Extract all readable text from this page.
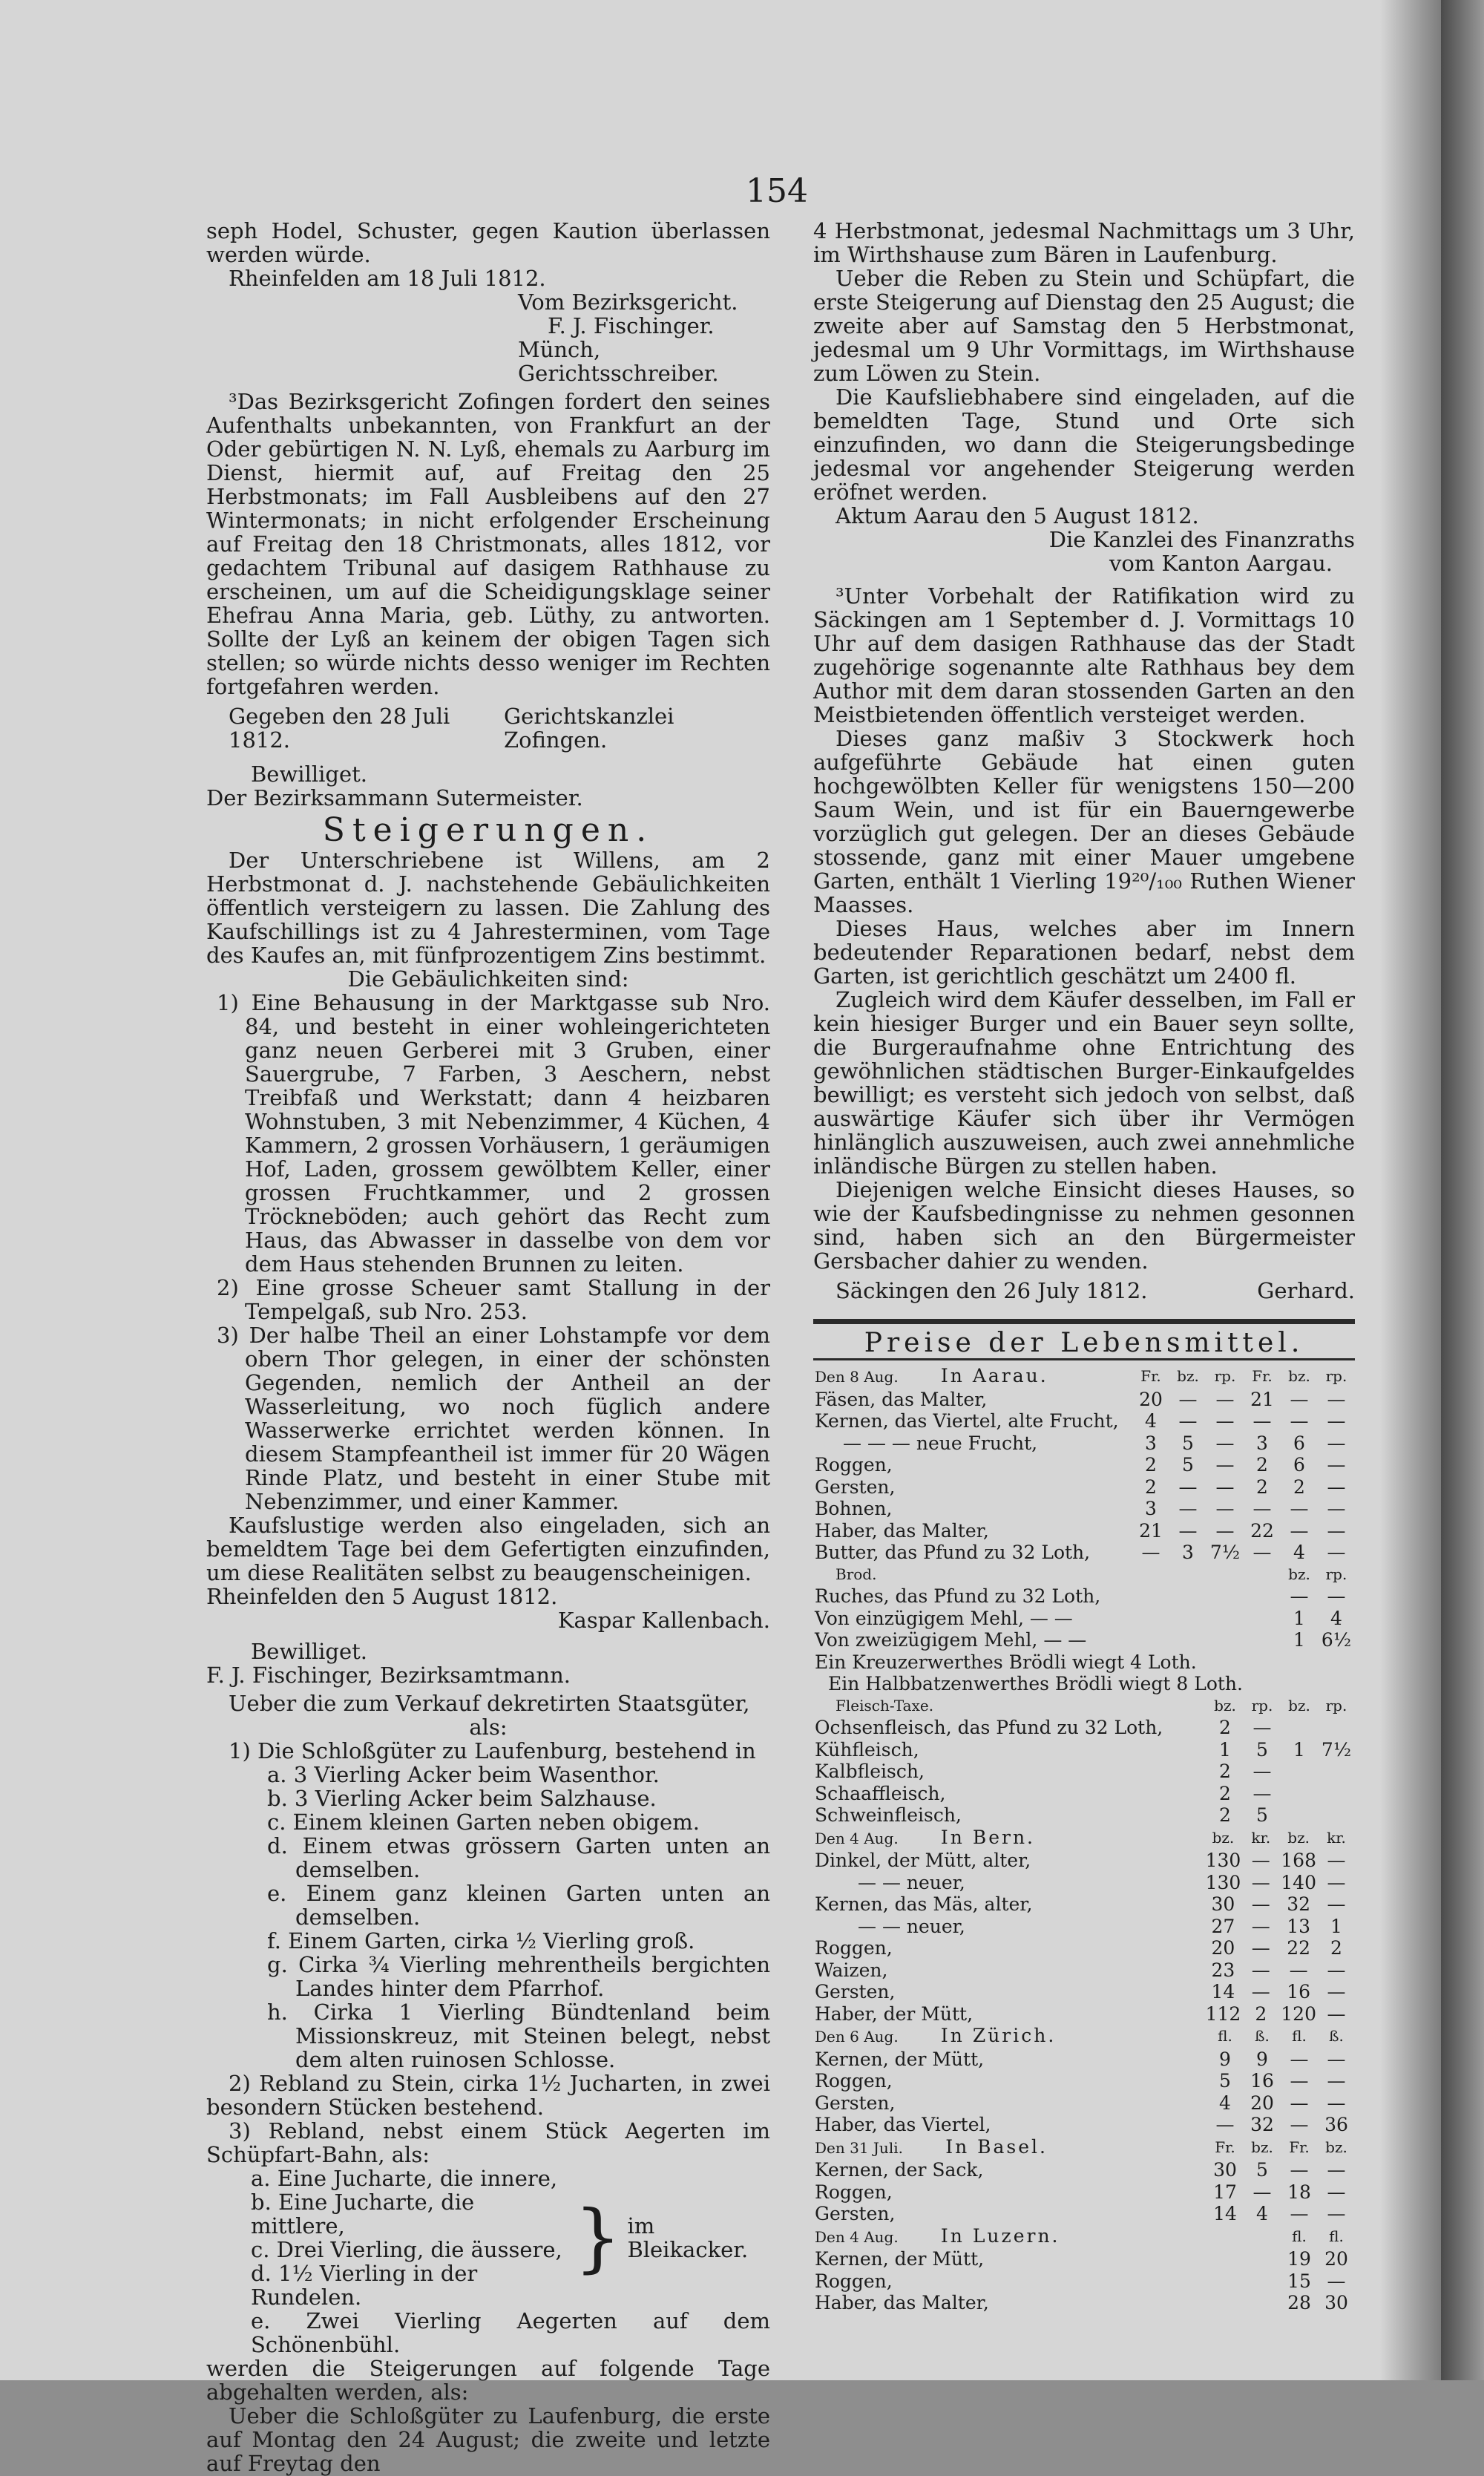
154

seph Hodel, Schuster, gegen Kaution überlassen werden würde.

Rheinfelden am 18 Juli 1812.

Vom Bezirksgericht.

F. J. Fischinger.

Münch, Gerichtsschreiber.

³Das Bezirksgericht Zofingen fordert den seines Aufenthalts unbekannten, von Frankfurt an der Oder gebürtigen N. N. Lyß, ehemals zu Aarburg im Dienst, hiermit auf, auf Freitag den 25 Herbstmonats; im Fall Ausbleibens auf den 27 Wintermonats; in nicht erfolgender Erscheinung auf Freitag den 18 Christmonats, alles 1812, vor gedachtem Tribunal auf dasigem Rathhause zu erscheinen, um auf die Scheidigungsklage seiner Ehefrau Anna Maria, geb. Lüthy, zu antworten. Sollte der Lyß an keinem der obigen Tagen sich stellen; so würde nichts desso weniger im Rechten fortgefahren werden.

Gegeben den 28 Juli 1812.
Gerichtskanzlei Zofingen.

Bewilliget.

Der Bezirksammann Sutermeister.

Steigerungen.

Der Unterschriebene ist Willens, am 2 Herbstmonat d. J. nachstehende Gebäulichkeiten öffentlich versteigern zu lassen. Die Zahlung des Kaufschillings ist zu 4 Jahresterminen, vom Tage des Kaufes an, mit fünfprozentigem Zins bestimmt.

Die Gebäulichkeiten sind:

1) Eine Behausung in der Marktgasse sub Nro. 84, und besteht in einer wohleingerichteten ganz neuen Gerberei mit 3 Gruben, einer Sauergrube, 7 Farben, 3 Aeschern, nebst Treibfaß und Werkstatt; dann 4 heizbaren Wohnstuben, 3 mit Nebenzimmer, 4 Küchen, 4 Kammern, 2 grossen Vorhäusern, 1 geräumigen Hof, Laden, grossem gewölbtem Keller, einer grossen Fruchtkammer, und 2 grossen Tröckneböden; auch gehört das Recht zum Haus, das Abwasser in dasselbe von dem vor dem Haus stehenden Brunnen zu leiten.

2) Eine grosse Scheuer samt Stallung in der Tempelgaß, sub Nro. 253.

3) Der halbe Theil an einer Lohstampfe vor dem obern Thor gelegen, in einer der schönsten Gegenden, nemlich der Antheil an der Wasserleitung, wo noch füglich andere Wasserwerke errichtet werden können. In diesem Stampfeantheil ist immer für 20 Wägen Rinde Platz, und besteht in einer Stube mit Nebenzimmer, und einer Kammer.

Kaufslustige werden also eingeladen, sich an bemeldtem Tage bei dem Gefertigten einzufinden, um diese Realitäten selbst zu beaugenscheinigen.

Rheinfelden den 5 August 1812.

Kaspar Kallenbach.

Bewilliget.

F. J. Fischinger, Bezirksamtmann.

Ueber die zum Verkauf dekretirten Staatsgüter,

als:

1) Die Schloßgüter zu Laufenburg, bestehend in

a. 3 Vierling Acker beim Wasenthor.

b. 3 Vierling Acker beim Salzhause.

c. Einem kleinen Garten neben obigem.

d. Einem etwas grössern Garten unten an demselben.

e. Einem ganz kleinen Garten unten an demselben.

f. Einem Garten, cirka ½ Vierling groß.

g. Cirka ¾ Vierling mehrentheils bergichten Landes hinter dem Pfarrhof.

h. Cirka 1 Vierling Bündtenland beim Missionskreuz, mit Steinen belegt, nebst dem alten ruinosen Schlosse.

2) Rebland zu Stein, cirka 1½ Jucharten, in zwei besondern Stücken bestehend.

3) Rebland, nebst einem Stück Aegerten im Schüpfart-Bahn, als:

a. Eine Jucharte, die innere,
b. Eine Jucharte, die mittlere,
c. Drei Vierling, die äussere,
d. 1½ Vierling in der Rundelen.
} im Bleikacker.

e. Zwei Vierling Aegerten auf dem Schönenbühl.

werden die Steigerungen auf folgende Tage abgehalten werden, als:

Ueber die Schloßgüter zu Laufenburg, die erste auf Montag den 24 August; die zweite und letzte auf Freytag den

4 Herbstmonat, jedesmal Nachmittags um 3 Uhr, im Wirthshause zum Bären in Laufenburg.

Ueber die Reben zu Stein und Schüpfart, die erste Steigerung auf Dienstag den 25 August; die zweite aber auf Samstag den 5 Herbstmonat, jedesmal um 9 Uhr Vormittags, im Wirthshause zum Löwen zu Stein.

Die Kaufsliebhabere sind eingeladen, auf die bemeldten Tage, Stund und Orte sich einzufinden, wo dann die Steigerungsbedinge jedesmal vor angehender Steigerung werden eröfnet werden.

Aktum Aarau den 5 August 1812.

Die Kanzlei des Finanzraths

vom Kanton Aargau.

³Unter Vorbehalt der Ratifikation wird zu Säckingen am 1 September d. J. Vormittags 10 Uhr auf dem dasigen Rathhause das der Stadt zugehörige sogenannte alte Rathhaus bey dem Author mit dem daran stossenden Garten an den Meistbietenden öffentlich versteiget werden.

Dieses ganz maßiv 3 Stockwerk hoch aufgeführte Gebäude hat einen guten hochgewölbten Keller für wenigstens 150—200 Saum Wein, und ist für ein Bauerngewerbe vorzüglich gut gelegen. Der an dieses Gebäude stossende, ganz mit einer Mauer umgebene Garten, enthält 1 Vierling 19²⁰/₁₀₀ Ruthen Wiener Maasses.

Dieses Haus, welches aber im Innern bedeutender Reparationen bedarf, nebst dem Garten, ist gerichtlich geschätzt um 2400 fl.

Zugleich wird dem Käufer desselben, im Fall er kein hiesiger Burger und ein Bauer seyn sollte, die Burgeraufnahme ohne Entrichtung des gewöhnlichen städtischen Burger-Einkaufgeldes bewilligt; es versteht sich jedoch von selbst, daß auswärtige Käufer sich über ihr Vermögen hinlänglich auszuweisen, auch zwei annehmliche inländische Bürgen zu stellen haben.

Diejenigen welche Einsicht dieses Hauses, so wie der Kaufsbedingnisse zu nehmen gesonnen sind, haben sich an den Bürgermeister Gersbacher dahier zu wenden.

Säckingen den 26 July 1812.	Gerhard.
Preise der Lebensmittel.
Den 8 Aug. In Aarau.	Fr.	bz.	rp.	Fr.	bz.	rp.
Fäsen, das Malter,	20	—	—	21	—	—
Kernen, das Viertel, alte Frucht,	4	—	—	—	—	—
— — — neue Frucht,	3	5	—	3	6	—
Roggen,	2	5	—	2	6	—
Gersten,	2	—	—	2	2	—
Bohnen,	3	—	—	—	—	—
Haber, das Malter,	21	—	—	22	—	—
Butter, das Pfund zu 32 Loth,	—	3	7½	—	4	—
Brod.	bz.	rp.
Ruches, das Pfund zu 32 Loth,	—	—
Von einzügigem Mehl, — —	1	4
Von zweizügigem Mehl, — —	1	6½
Ein Kreuzerwerthes Brödli wiegt 4 Loth.		
Ein Halbbatzenwerthes Brödli wiegt 8 Loth.		
Fleisch-Taxe.	bz.	rp.	bz.	rp.
Ochsenfleisch, das Pfund zu 32 Loth,	2	—		
Kühfleisch,	1	5	1	7½
Kalbfleisch,	2	—		
Schaaffleisch,	2	—		
Schweinfleisch,	2	5		
Den 4 Aug. In Bern.	bz.	kr.	bz.	kr.
Dinkel, der Mütt, alter,	130	—	168	—
— — neuer,	130	—	140	—
Kernen, das Mäs, alter,	30	—	32	—
— — neuer,	27	—	13	1
Roggen,	20	—	22	2
Waizen,	23	—	—	—
Gersten,	14	—	16	—
Haber, der Mütt,	112	2	120	—
Den 6 Aug. In Zürich.	fl.	ß.	fl.	ß.
Kernen, der Mütt,	9	9	—	—
Roggen,	5	16	—	—
Gersten,	4	20	—	—
Haber, das Viertel,	—	32	—	36
Den 31 Juli. In Basel.	Fr.	bz.	Fr.	bz.
Kernen, der Sack,	30	5	—	—
Roggen,	17	—	18	—
Gersten,	14	4	—	—
Den 4 Aug. In Luzern.	fl.	fl.
Kernen, der Mütt,	19	20
Roggen,	15	—
Haber, das Malter,	28	30
